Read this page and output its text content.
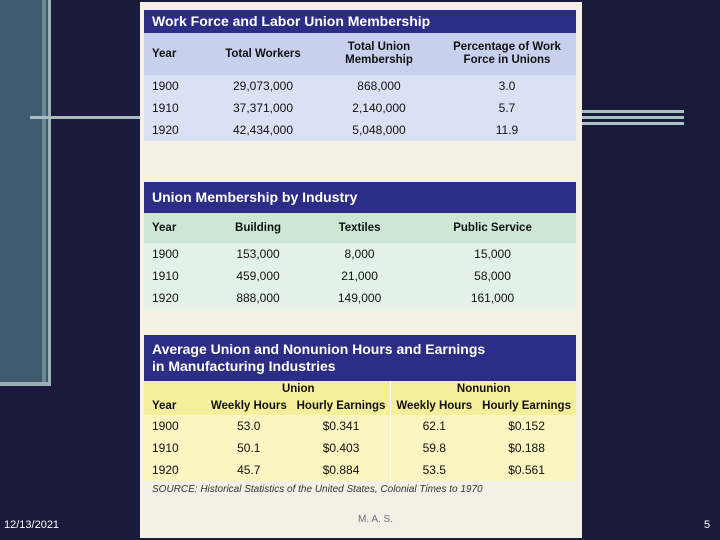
Work Force and Labor Union Membership
Year	Total Workers	Total Union Membership	Percentage of Work Force in Unions
1900	29,073,000	868,000	3.0
1910	37,371,000	2,140,000	5.7
1920	42,434,000	5,048,000	11.9
Union Membership by Industry
Year	Building	Textiles	Public Service
1900	153,000	8,000	15,000
1910	459,000	21,000	58,000
1920	888,000	149,000	161,000
Average Union and Nonunion Hours and Earnings
in Manufacturing Industries
	Union		Nonunion	
Year	Weekly Hours	Hourly Earnings	Weekly Hours	Hourly Earnings
1900	53.0	$0.341	62.1	$0.152
1910	50.1	$0.403	59.8	$0.188
1920	45.7	$0.884	53.5	$0.561
SOURCE: Historical Statistics of the United States, Colonial Times to 1970
12/13/2021	M. A. S.	5
